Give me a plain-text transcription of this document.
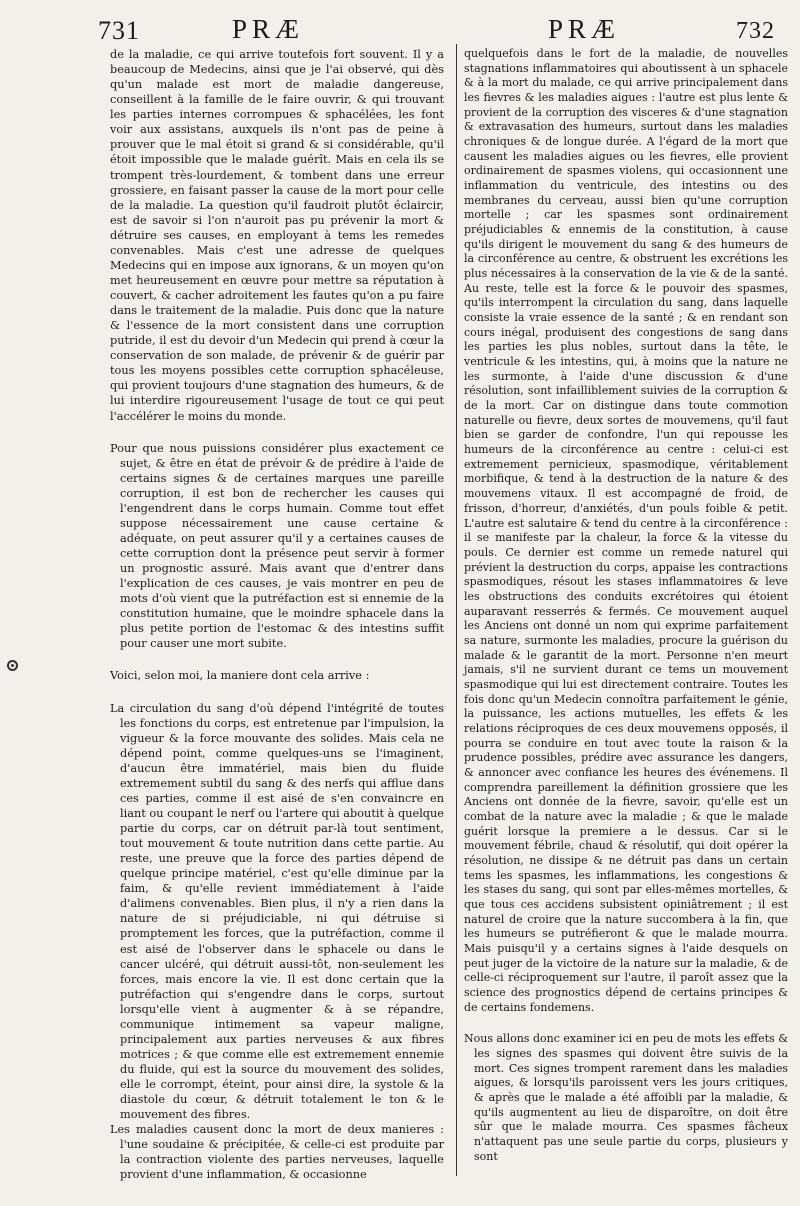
731	PRÆ	PRÆ	732

de la maladie, ce qui arrive toutefois fort souvent. Il y a beaucoup de Medecins, ainsi que je l'ai observé, qui dès qu'un malade est mort de maladie dangereuse, conseillent à la famille de le faire ouvrir, & qui trouvant les parties internes corrompues & sphacélées, les font voir aux assistans, auxquels ils n'ont pas de peine à prouver que le mal étoit si grand & si considérable, qu'il étoit impossible que le malade guérît. Mais en cela ils se trompent très-lourdement, & tombent dans une erreur grossiere, en faisant passer la cause de la mort pour celle de la maladie. La question qu'il faudroit plutôt éclaircir, est de savoir si l'on n'auroit pas pu prévenir la mort & détruire ses causes, en employant à tems les remedes convenables. Mais c'est une adresse de quelques Medecins qui en impose aux ignorans, & un moyen qu'on met heureusement en œuvre pour mettre sa réputation à couvert, & cacher adroitement les fautes qu'on a pu faire dans le traitement de la maladie. Puis donc que la nature & l'essence de la mort consistent dans une corruption putride, il est du devoir d'un Medecin qui prend à cœur la conservation de son malade, de prévenir & de guérir par tous les moyens possibles cette corruption sphacéleuse, qui provient toujours d'une stagnation des humeurs, & de lui interdire rigoureusement l'usage de tout ce qui peut l'accélérer le moins du monde.

Pour que nous puissions considérer plus exactement ce sujet, & être en état de prévoir & de prédire à l'aide de certains signes & de certaines marques une pareille corruption, il est bon de rechercher les causes qui l'engendrent dans le corps humain. Comme tout effet suppose nécessairement une cause certaine & adéquate, on peut assurer qu'il y a certaines causes de cette corruption dont la présence peut servir à former un prognostic assuré. Mais avant que d'entrer dans l'explication de ces causes, je vais montrer en peu de mots d'où vient que la putréfaction est si ennemie de la constitution humaine, que le moindre sphacele dans la plus petite portion de l'estomac & des intestins suffit pour causer une mort subite.

Voici, selon moi, la maniere dont cela arrive :

La circulation du sang d'où dépend l'intégrité de toutes les fonctions du corps, est entretenue par l'impulsion, la vigueur & la force mouvante des solides. Mais cela ne dépend point, comme quelques-uns se l'imaginent, d'aucun être immatériel, mais bien du fluide extremement subtil du sang & des nerfs qui afflue dans ces parties, comme il est aisé de s'en convaincre en liant ou coupant le nerf ou l'artere qui aboutit à quelque partie du corps, car on détruit par-là tout sentiment, tout mouvement & toute nutrition dans cette partie. Au reste, une preuve que la force des parties dépend de quelque principe matériel, c'est qu'elle diminue par la faim, & qu'elle revient immédiatement à l'aide d'alimens convenables. Bien plus, il n'y a rien dans la nature de si préjudiciable, ni qui détruise si promptement les forces, que la putréfaction, comme il est aisé de l'observer dans le sphacele ou dans le cancer ulcéré, qui détruit aussi-tôt, non-seulement les forces, mais encore la vie. Il est donc certain que la putréfaction qui s'engendre dans le corps, surtout lorsqu'elle vient à augmenter & à se répandre, communique intimement sa vapeur maligne, principalement aux parties nerveuses & aux fibres motrices ; & que comme elle est extremement ennemie du fluide, qui est la source du mouvement des solides, elle le corrompt, éteint, pour ainsi dire, la systole & la diastole du cœur, & détruit totalement le ton & le mouvement des fibres.

Les maladies causent donc la mort de deux manieres : l'une soudaine & précipitée, & celle-ci est produite par la contraction violente des parties nerveuses, laquelle provient d'une inflammation, & occasionne

quelquefois dans le fort de la maladie, de nouvelles stagnations inflammatoires qui aboutissent à un sphacele & à la mort du malade, ce qui arrive principalement dans les fievres & les maladies aigues : l'autre est plus lente & provient de la corruption des visceres & d'une stagnation & extravasation des humeurs, surtout dans les maladies chroniques & de longue durée. A l'égard de la mort que causent les maladies aigues ou les fievres, elle provient ordinairement de spasmes violens, qui occasionnent une inflammation du ventricule, des intestins ou des membranes du cerveau, aussi bien qu'une corruption mortelle ; car les spasmes sont ordinairement préjudiciables & ennemis de la constitution, à cause qu'ils dirigent le mouvement du sang & des humeurs de la circonférence au centre, & obstruent les excrétions les plus nécessaires à la conservation de la vie & de la santé. Au reste, telle est la force & le pouvoir des spasmes, qu'ils interrompent la circulation du sang, dans laquelle consiste la vraie essence de la santé ; & en rendant son cours inégal, produisent des congestions de sang dans les parties les plus nobles, surtout dans la tête, le ventricule & les intestins, qui, à moins que la nature ne les surmonte, à l'aide d'une discussion & d'une résolution, sont infailliblement suivies de la corruption & de la mort. Car on distingue dans toute commotion naturelle ou fievre, deux sortes de mouvemens, qu'il faut bien se garder de confondre, l'un qui repousse les humeurs de la circonférence au centre : celui-ci est extremement pernicieux, spasmodique, véritablement morbifique, & tend à la destruction de la nature & des mouvemens vitaux. Il est accompagné de froid, de frisson, d'horreur, d'anxiétés, d'un pouls foible & petit. L'autre est salutaire & tend du centre à la circonférence : il se manifeste par la chaleur, la force & la vitesse du pouls. Ce dernier est comme un remede naturel qui prévient la destruction du corps, appaise les contractions spasmodiques, résout les stases inflammatoires & leve les obstructions des conduits excrétoires qui étoient auparavant resserrés & fermés. Ce mouvement auquel les Anciens ont donné un nom qui exprime parfaitement sa nature, surmonte les maladies, procure la guérison du malade & le garantit de la mort. Personne n'en meurt jamais, s'il ne survient durant ce tems un mouvement spasmodique qui lui est directement contraire. Toutes les fois donc qu'un Medecin connoîtra parfaitement le génie, la puissance, les actions mutuelles, les effets & les relations réciproques de ces deux mouvemens opposés, il pourra se conduire en tout avec toute la raison & la prudence possibles, prédire avec assurance les dangers, & annoncer avec confiance les heures des événemens. Il comprendra pareillement la définition grossiere que les Anciens ont donnée de la fievre, savoir, qu'elle est un combat de la nature avec la maladie ; & que le malade guérit lorsque la premiere a le dessus. Car si le mouvement fébrile, chaud & résolutif, qui doit opérer la résolution, ne dissipe & ne détruit pas dans un certain tems les spasmes, les inflammations, les congestions & les stases du sang, qui sont par elles-mêmes mortelles, & que tous ces accidens subsistent opiniâtrement ; il est naturel de croire que la nature succombera à la fin, que les humeurs se putréfieront & que le malade mourra. Mais puisqu'il y a certains signes à l'aide desquels on peut juger de la victoire de la nature sur la maladie, & de celle-ci réciproquement sur l'autre, il paroît assez que la science des prognostics dépend de certains principes & de certains fondemens.

Nous allons donc examiner ici en peu de mots les effets & les signes des spasmes qui doivent être suivis de la mort. Ces signes trompent rarement dans les maladies aigues, & lorsqu'ils paroissent vers les jours critiques, & après que le malade a été affoibli par la maladie, & qu'ils augmentent au lieu de disparoître, on doit être sûr que le malade mourra. Ces spasmes fâcheux n'attaquent pas une seule partie du corps, plusieurs y sont
